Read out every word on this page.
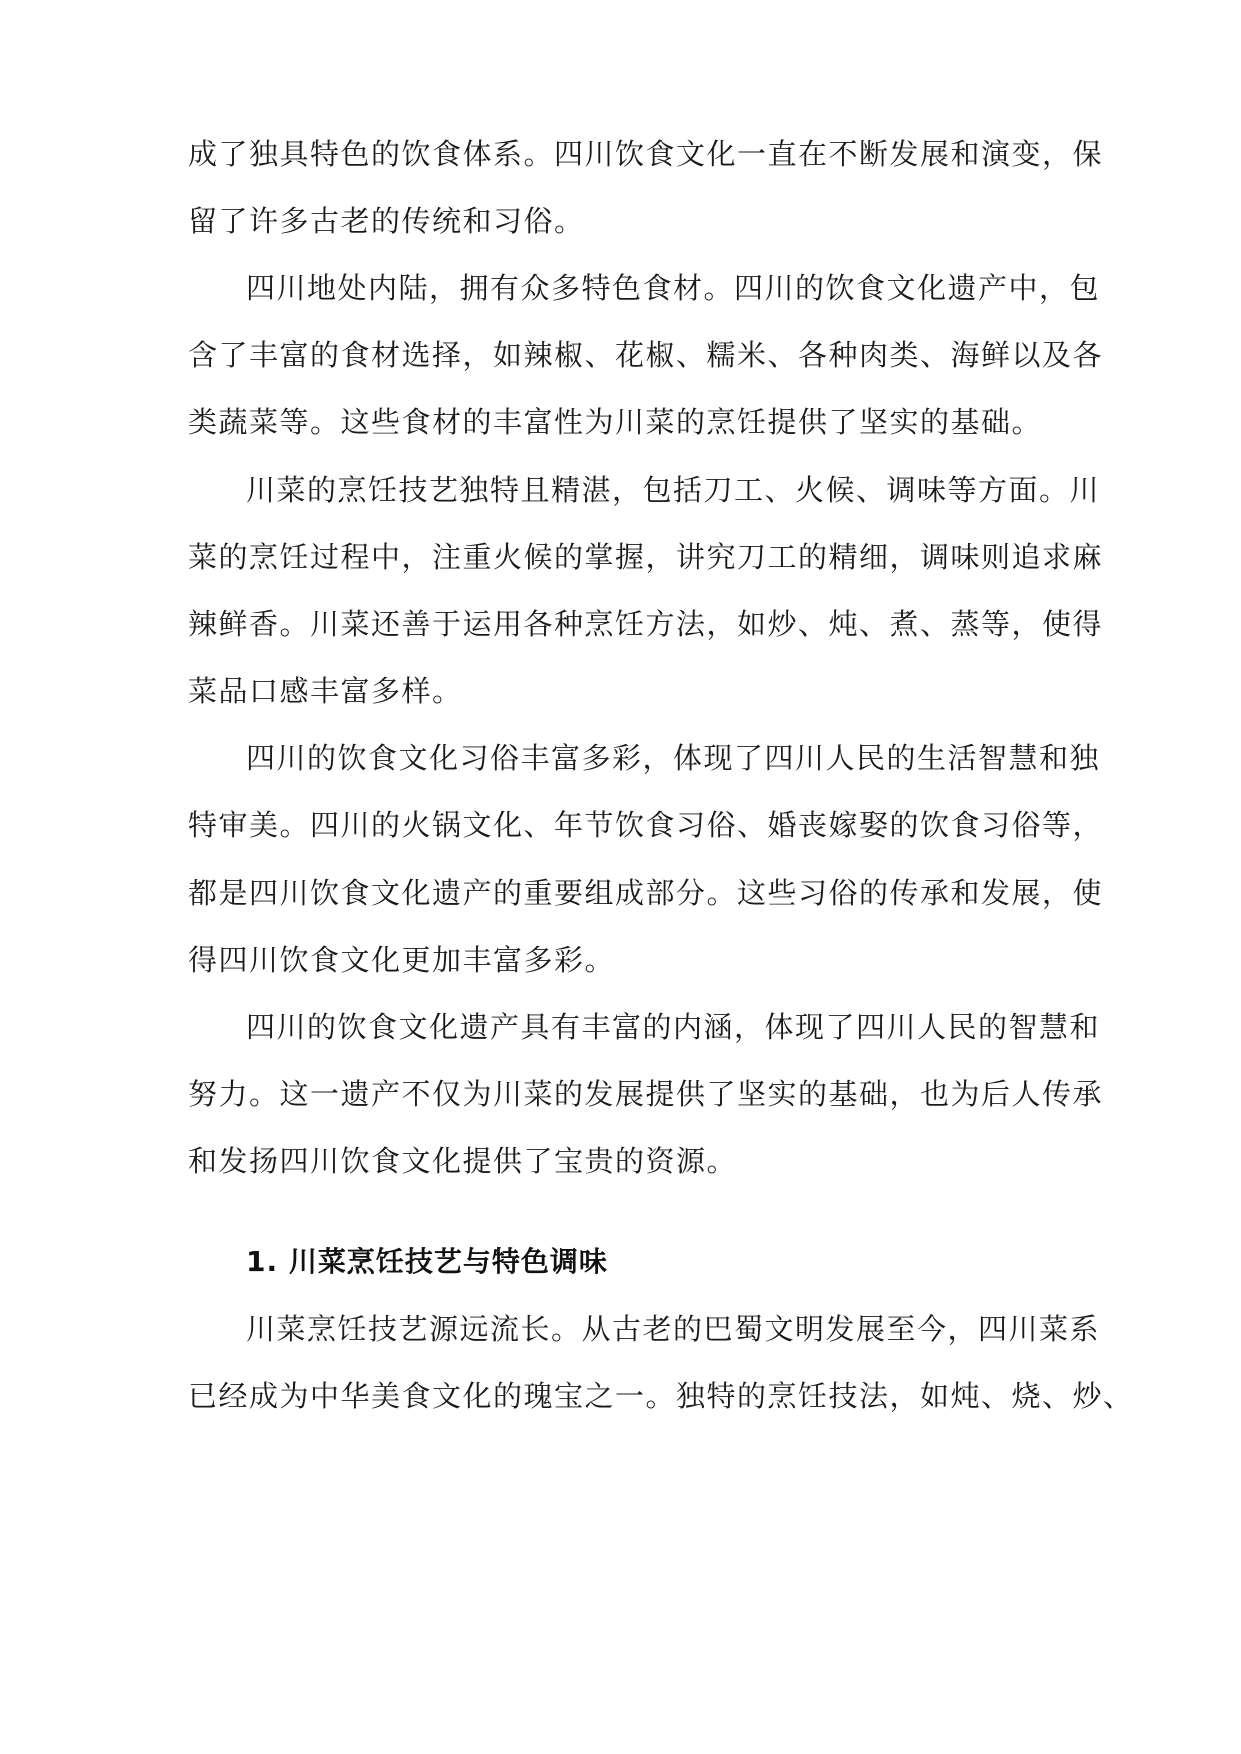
成了独具特色的饮食体系。四川饮食文化一直在不断发展和演变，保
留了许多古老的传统和习俗。
四川地处内陆，拥有众多特色食材。四川的饮食文化遗产中，包
含了丰富的食材选择，如辣椒、花椒、糯米、各种肉类、海鲜以及各
类蔬菜等。这些食材的丰富性为川菜的烹饪提供了坚实的基础。
川菜的烹饪技艺独特且精湛，包括刀工、火候、调味等方面。川
菜的烹饪过程中，注重火候的掌握，讲究刀工的精细，调味则追求麻
辣鲜香。川菜还善于运用各种烹饪方法，如炒、炖、煮、蒸等，使得
菜品口感丰富多样。
四川的饮食文化习俗丰富多彩，体现了四川人民的生活智慧和独
特审美。四川的火锅文化、年节饮食习俗、婚丧嫁娶的饮食习俗等，
都是四川饮食文化遗产的重要组成部分。这些习俗的传承和发展，使
得四川饮食文化更加丰富多彩。
四川的饮食文化遗产具有丰富的内涵，体现了四川人民的智慧和
努力。这一遗产不仅为川菜的发展提供了坚实的基础，也为后人传承
和发扬四川饮食文化提供了宝贵的资源。
1. 川菜烹饪技艺与特色调味
川菜烹饪技艺源远流长。从古老的巴蜀文明发展至今，四川菜系
已经成为中华美食文化的瑰宝之一。独特的烹饪技法，如炖、烧、炒、
